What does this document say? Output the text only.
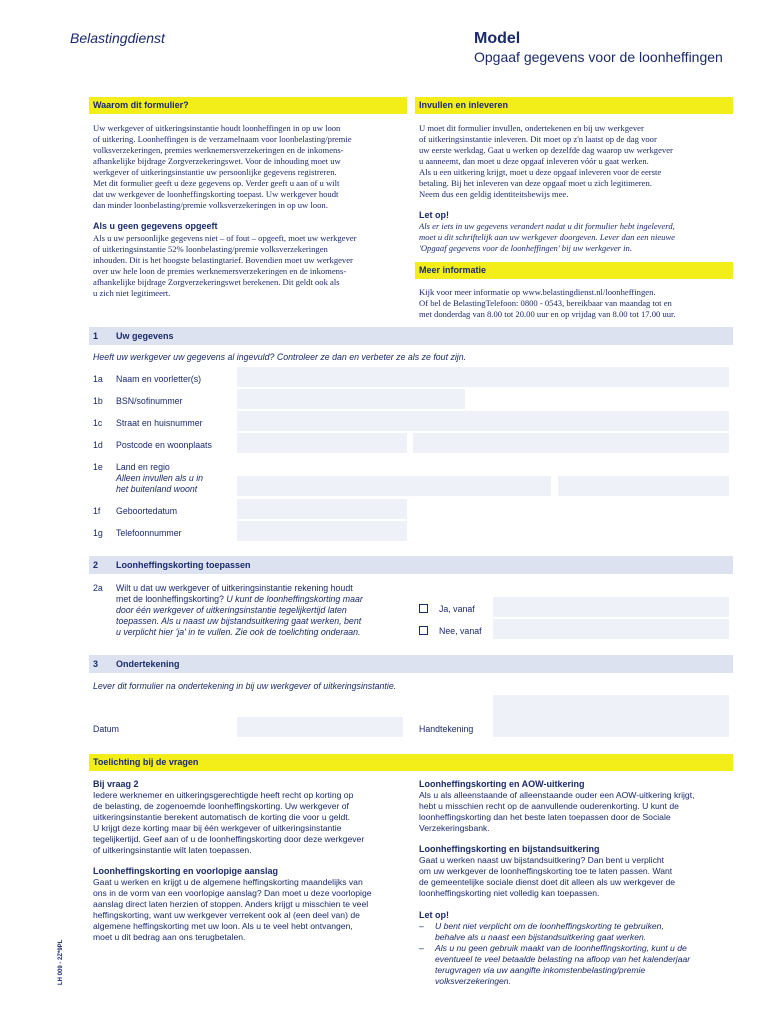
Belastingdienst	Model
Opgaaf gegevens voor de loonheffingen
Waarom dit formulier?
Uw werkgever of uitkeringsinstantie houdt loonheffingen in op uw loon
of uitkering. Loonheffingen is de verzamelnaam voor loonbelasting/premie
volksverzekeringen, premies werknemersverzekeringen en de inkomens-
afhankelijke bijdrage Zorgverzekeringswet. Voor de inhouding moet uw
werkgever of uitkeringsinstantie uw persoonlijke gegevens registreren.
Met dit formulier geeft u deze gegevens op. Verder geeft u aan of u wilt
dat uw werkgever de loonheffingskorting toepast. Uw werkgever houdt
dan minder loonbelasting/premie volksverzekeringen in op uw loon.
Als u geen gegevens opgeeft
Als u uw persoonlijke gegevens niet – of fout – opgeeft, moet uw werkgever
of uitkeringsinstantie 52% loonbelasting/premie volksverzekeringen
inhouden. Dit is het hoogste belastingtarief. Bovendien moet uw werkgever
over uw hele loon de premies werknemersverzekeringen en de inkomens-
afhankelijke bijdrage Zorgverzekeringswet berekenen. Dit geldt ook als
u zich niet legitimeert.
Invullen en inleveren
U moet dit formulier invullen, ondertekenen en bij uw werkgever
of uitkeringsinstantie inleveren. Dit moet op z'n laatst op de dag voor
uw eerste werkdag. Gaat u werken op dezelfde dag waarop uw werkgever
u aanneemt, dan moet u deze opgaaf inleveren vóór u gaat werken.
Als u een uitkering krijgt, moet u deze opgaaf inleveren voor de eerste
betaling. Bij het inleveren van deze opgaaf moet u zich legitimeren.
Neem dus een geldig identiteitsbewijs mee.
Let op!
Als er iets in uw gegevens verandert nadat u dit formulier hebt ingeleverd,
moet u dit schriftelijk aan uw werkgever doorgeven. Lever dan een nieuwe
'Opgaaf gegevens voor de loonheffingen' bij uw werkgever in.
Meer informatie
Kijk voor meer informatie op www.belastingdienst.nl/loonheffingen.
Of bel de BelastingTelefoon: 0800 - 0543, bereikbaar van maandag tot en
met donderdag van 8.00 tot 20.00 uur en op vrijdag van 8.00 tot 17.00 uur.
1 Uw gegevens
Heeft uw werkgever uw gegevens al ingevuld? Controleer ze dan en verbeter ze als ze fout zijn.
1a Naam en voorletter(s)
1b BSN/sofinummer
1c Straat en huisnummer
1d Postcode en woonplaats
1e Land en regio
Alleen invullen als u in
het buitenland woont
1f Geboortedatum
1g Telefoonnummer
2 Loonheffingskorting toepassen
2a Wilt u dat uw werkgever of uitkeringsinstantie rekening houdt
met de loonheffingskorting? U kunt de loonheffingskorting maar
door één werkgever of uitkeringsinstantie tegelijkertijd laten
toepassen. Als u naast uw bijstandsuitkering gaat werken, bent
u verplicht hier 'ja' in te vullen. Zie ook de toelichting onderaan.
Ja, vanaf
Nee, vanaf
3 Ondertekening
Lever dit formulier na ondertekening in bij uw werkgever of uitkeringsinstantie.
Datum	Handtekening
Toelichting bij de vragen
Bij vraag 2
Iedere werknemer en uitkeringsgerechtigde heeft recht op korting op
de belasting, de zogenoemde loonheffingskorting. Uw werkgever of
uitkeringsinstantie berekent automatisch de korting die voor u geldt.
U krijgt deze korting maar bij één werkgever of uitkeringsinstantie
tegelijkertijd. Geef aan of u de loonheffingskorting door deze werkgever
of uitkeringsinstantie wilt laten toepassen.
Loonheffingskorting en voorlopige aanslag
Gaat u werken en krijgt u de algemene heffingskorting maandelijks van
ons in de vorm van een voorlopige aanslag? Dan moet u deze voorlopige
aanslag direct laten herzien of stoppen. Anders krijgt u misschien te veel
heffingskorting, want uw werkgever verrekent ook al (een deel van) de
algemene heffingskorting met uw loon. Als u te veel hebt ontvangen,
moet u dit bedrag aan ons terugbetalen.
Loonheffingskorting en AOW-uitkering
Als u als alleenstaande of alleenstaande ouder een AOW-uitkering krijgt,
hebt u misschien recht op de aanvullende ouderenkorting. U kunt de
loonheffingskorting dan het beste laten toepassen door de Sociale
Verzekeringsbank.
Loonheffingskorting en bijstandsuitkering
Gaat u werken naast uw bijstandsuitkering? Dan bent u verplicht
om uw werkgever de loonheffingskorting toe te laten passen. Want
de gemeentelijke sociale dienst doet dit alleen als uw werkgever de
loonheffingskorting niet volledig kan toepassen.
Let op!
– U bent niet verplicht om de loonheffingskorting te gebruiken,
behalve als u naast een bijstandsuitkering gaat werken.
– Als u nu geen gebruik maakt van de loonheffingskorting, kunt u de
eventueel te veel betaalde belasting na afloop van het kalenderjaar
terugvragen via uw aangifte inkomstenbelasting/premie
volksverzekeringen.
LH 009 - 2Z*9PL
